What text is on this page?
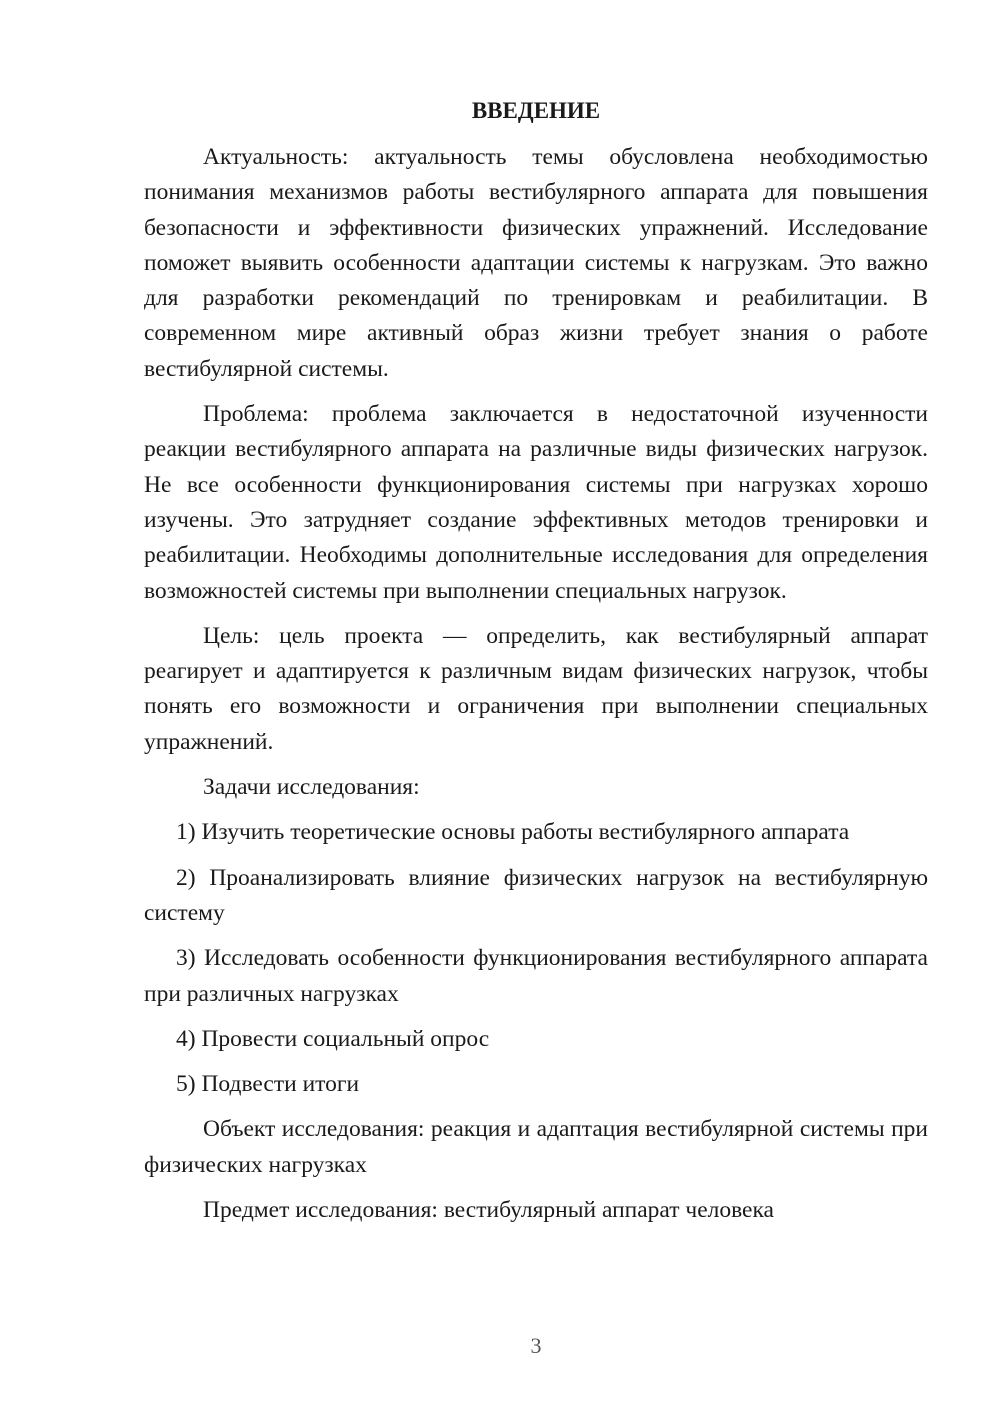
ВВЕДЕНИЕ

Актуальность: актуальность темы обусловлена необходимостью понимания механизмов работы вестибулярного аппарата для повышения безопасности и эффективности физических упражнений. Исследование поможет выявить особенности адаптации системы к нагрузкам. Это важно для разработки рекомендаций по тренировкам и реабилитации. В современном мире активный образ жизни требует знания о работе вестибулярной системы.

Проблема: проблема заключается в недостаточной изученности реакции вестибулярного аппарата на различные виды физических нагрузок. Не все особенности функционирования системы при нагрузках хорошо изучены. Это затрудняет создание эффективных методов тренировки и реабилитации. Необходимы дополнительные исследования для определения возможностей системы при выполнении специальных нагрузок.

Цель: цель проекта — определить, как вестибулярный аппарат реагирует и адаптируется к различным видам физических нагрузок, чтобы понять его возможности и ограничения при выполнении специальных упражнений.

Задачи исследования:

1) Изучить теоретические основы работы вестибулярного аппарата

2) Проанализировать влияние физических нагрузок на вестибулярную систему

3) Исследовать особенности функционирования вестибулярного аппарата при различных нагрузках

4) Провести социальный опрос

5) Подвести итоги

Объект исследования: реакция и адаптация вестибулярной системы при физических нагрузках

Предмет исследования: вестибулярный аппарат человека

3
